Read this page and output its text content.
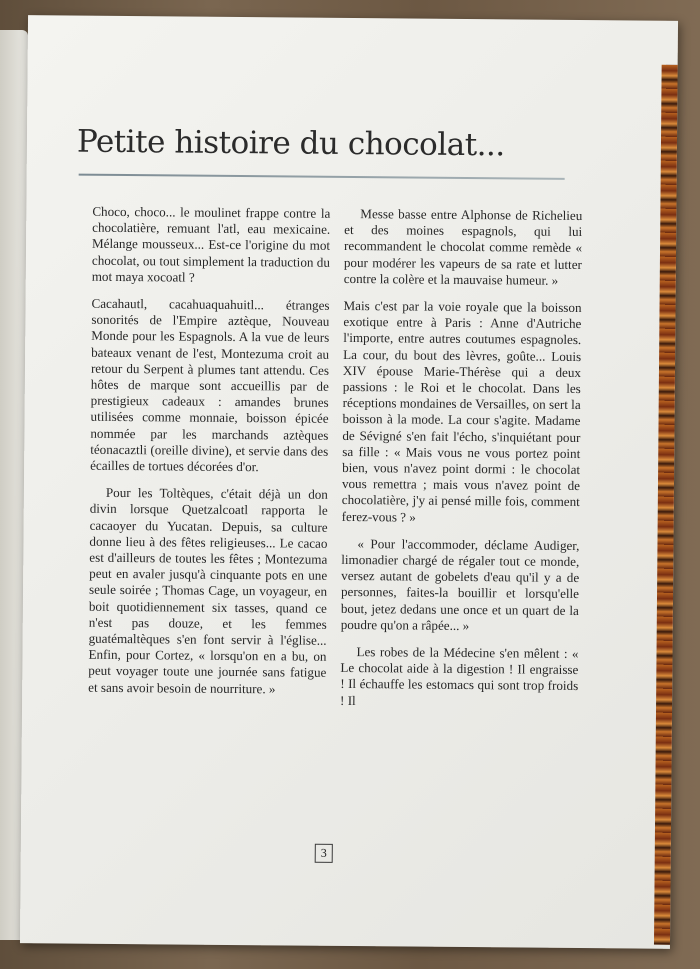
Petite histoire du chocolat...

Choco, choco... le moulinet frappe contre la chocolatière, remuant l'atl, eau mexicaine. Mélange mousseux... Est-ce l'origine du mot chocolat, ou tout simplement la traduction du mot maya xocoatl ?

Cacahautl, cacahuaquahuitl... étranges sonorités de l'Empire aztèque, Nouveau Monde pour les Espagnols. A la vue de leurs bateaux venant de l'est, Montezuma croit au retour du Serpent à plumes tant attendu. Ces hôtes de marque sont accueillis par de prestigieux cadeaux : amandes brunes utilisées comme monnaie, boisson épicée nommée par les marchands aztèques téonacaztli (oreille divine), et servie dans des écailles de tortues décorées d'or.

Pour les Toltèques, c'était déjà un don divin lorsque Quetzalcoatl rapporta le cacaoyer du Yucatan. Depuis, sa culture donne lieu à des fêtes religieuses... Le cacao est d'ailleurs de toutes les fêtes ; Montezuma peut en avaler jusqu'à cinquante pots en une seule soirée ; Thomas Cage, un voyageur, en boit quotidiennement six tasses, quand ce n'est pas douze, et les femmes guatémaltèques s'en font servir à l'église... Enfin, pour Cortez, « lorsqu'on en a bu, on peut voyager toute une journée sans fatigue et sans avoir besoin de nourriture. »

Messe basse entre Alphonse de Richelieu et des moines espagnols, qui lui recommandent le chocolat comme remède « pour modérer les vapeurs de sa rate et lutter contre la colère et la mauvaise humeur. »

Mais c'est par la voie royale que la boisson exotique entre à Paris : Anne d'Autriche l'importe, entre autres coutumes espagnoles. La cour, du bout des lèvres, goûte... Louis XIV épouse Marie-Thérèse qui a deux passions : le Roi et le chocolat. Dans les réceptions mondaines de Versailles, on sert la boisson à la mode. La cour s'agite. Madame de Sévigné s'en fait l'écho, s'inquiétant pour sa fille : « Mais vous ne vous portez point bien, vous n'avez point dormi : le chocolat vous remettra ; mais vous n'avez point de chocolatière, j'y ai pensé mille fois, comment ferez-vous ? »

« Pour l'accommoder, déclame Audiger, limonadier chargé de régaler tout ce monde, versez autant de gobelets d'eau qu'il y a de personnes, faites-la bouillir et lorsqu'elle bout, jetez dedans une once et un quart de la poudre qu'on a râpée... »

Les robes de la Médecine s'en mêlent : « Le chocolat aide à la digestion ! Il engraisse ! Il échauffe les estomacs qui sont trop froids ! Il

3
